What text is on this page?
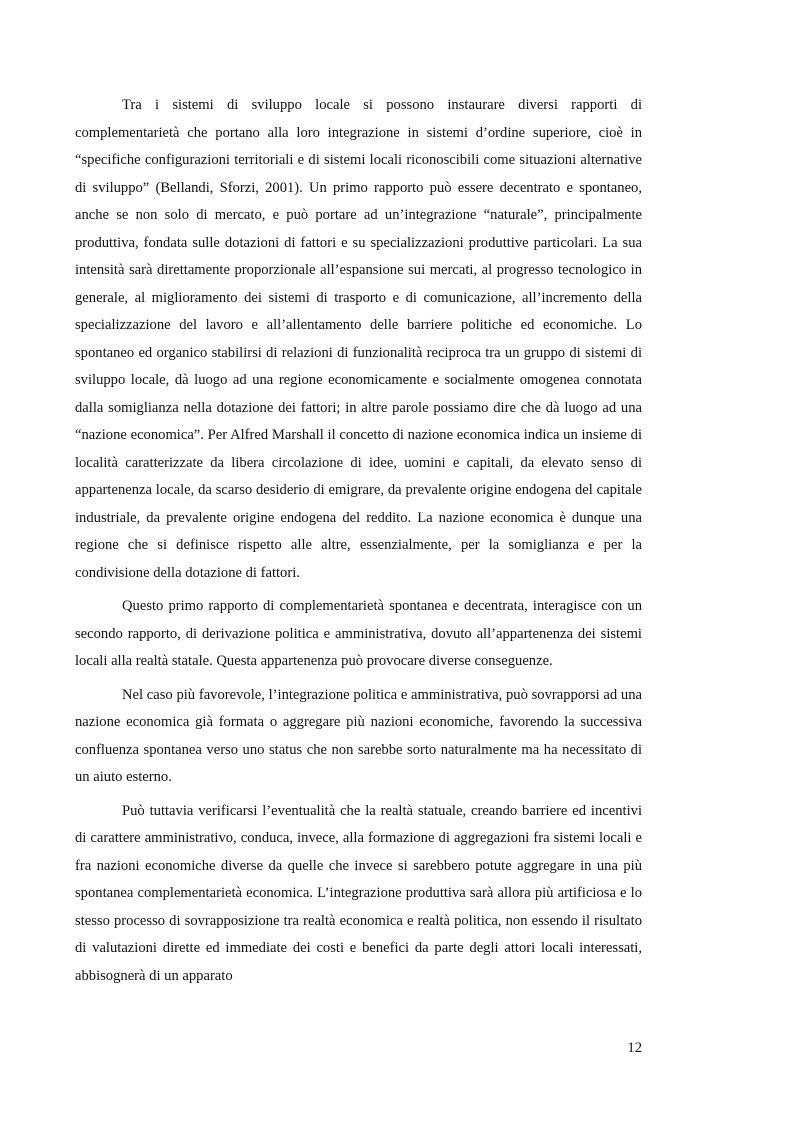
Tra i sistemi di sviluppo locale si possono instaurare diversi rapporti di complementarietà che portano alla loro integrazione in sistemi d’ordine superiore, cioè in “specifiche configurazioni territoriali e di sistemi locali riconoscibili come situazioni alternative di sviluppo” (Bellandi, Sforzi, 2001). Un primo rapporto può essere decentrato e spontaneo, anche se non solo di mercato, e può portare ad un’integrazione “naturale”, principalmente produttiva, fondata sulle dotazioni di fattori e su specializzazioni produttive particolari. La sua intensità sarà direttamente proporzionale all’espansione sui mercati, al progresso tecnologico in generale, al miglioramento dei sistemi di trasporto e di comunicazione, all’incremento della specializzazione del lavoro e all’allentamento delle barriere politiche ed economiche. Lo spontaneo ed organico stabilirsi di relazioni di funzionalità reciproca tra un gruppo di sistemi di sviluppo locale, dà luogo ad una regione economicamente e socialmente omogenea connotata dalla somiglianza nella dotazione dei fattori; in altre parole possiamo dire che dà luogo ad una “nazione economica”. Per Alfred Marshall il concetto di nazione economica indica un insieme di località caratterizzate da libera circolazione di idee, uomini e capitali, da elevato senso di appartenenza locale, da scarso desiderio di emigrare, da prevalente origine endogena del capitale industriale, da prevalente origine endogena del reddito. La nazione economica è dunque una regione che si definisce rispetto alle altre, essenzialmente, per la somiglianza e per la condivisione della dotazione di fattori.

Questo primo rapporto di complementarietà spontanea e decentrata, interagisce con un secondo rapporto, di derivazione politica e amministrativa, dovuto all’appartenenza dei sistemi locali alla realtà statale. Questa appartenenza può provocare diverse conseguenze.

Nel caso più favorevole, l’integrazione politica e amministrativa, può sovrapporsi ad una nazione economica già formata o aggregare più nazioni economiche, favorendo la successiva confluenza spontanea verso uno status che non sarebbe sorto naturalmente ma ha necessitato di un aiuto esterno.

Può tuttavia verificarsi l’eventualità che la realtà statuale, creando barriere ed incentivi di carattere amministrativo, conduca, invece, alla formazione di aggregazioni fra sistemi locali e fra nazioni economiche diverse da quelle che invece si sarebbero potute aggregare in una più spontanea complementarietà economica. L’integrazione produttiva sarà allora più artificiosa e lo stesso processo di sovrapposizione tra realtà economica e realtà politica, non essendo il risultato di valutazioni dirette ed immediate dei costi e benefici da parte degli attori locali interessati, abbisognerà di un apparato

12
